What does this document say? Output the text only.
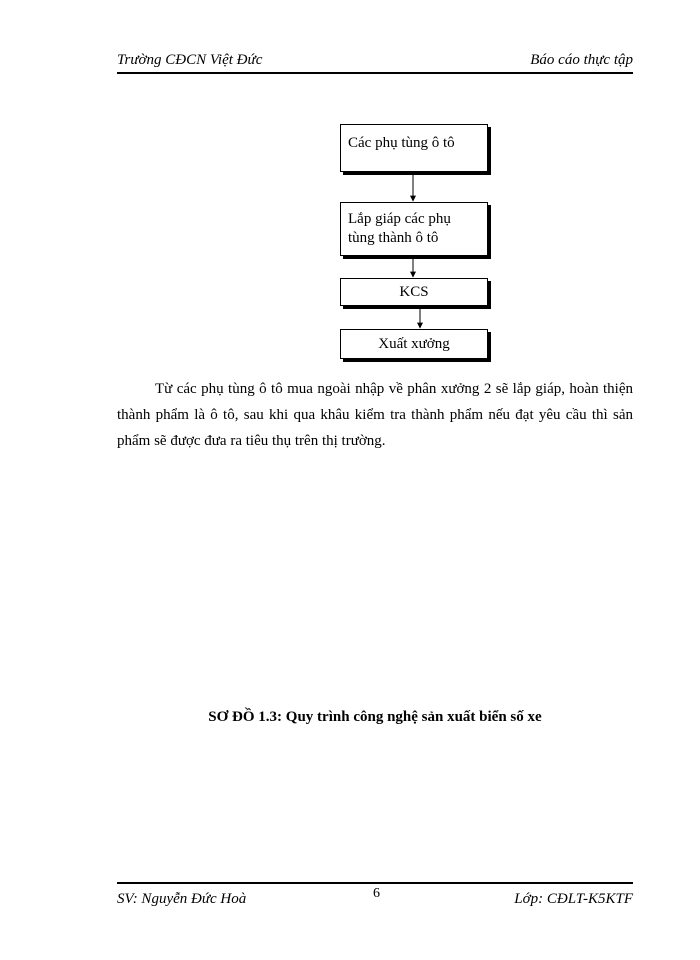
Trường CĐCN Việt Đức	Báo cáo thực tập
Các phụ tùng ô tô
Lắp giáp các phụ
tùng thành ô tô
KCS
Xuất xưởng

Từ các phụ tùng ô tô mua ngoài nhập về phân xưởng 2 sẽ lắp giáp, hoàn thiện thành phẩm là ô tô, sau khi qua khâu kiểm tra thành phẩm nếu đạt yêu cầu thì sản phẩm sẽ được đưa ra tiêu thụ trên thị trường.

SƠ ĐỒ 1.3: Quy trình công nghệ sản xuất biển số xe
SV: Nguyễn Đức Hoà	6	Lớp: CĐLT-K5KTF
